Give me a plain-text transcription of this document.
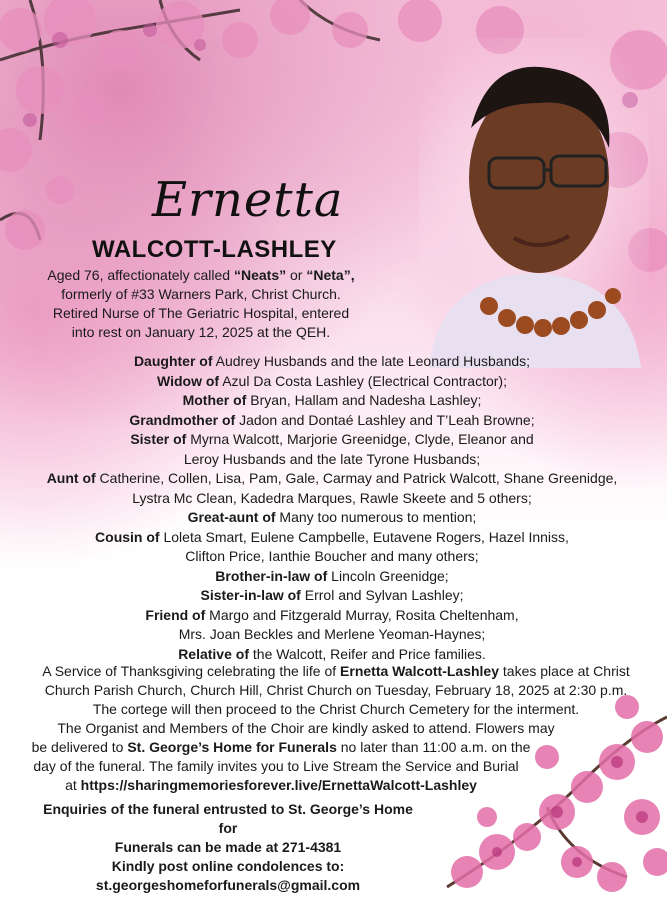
Ernetta
WALCOTT-LASHLEY

Aged 76, affectionately called “Neats” or “Neta”,

formerly of #33 Warners Park, Christ Church.

Retired Nurse of The Geriatric Hospital, entered

into rest on January 12, 2025 at the QEH.

Daughter of Audrey Husbands and the late Leonard Husbands;

Widow of Azul Da Costa Lashley (Electrical Contractor);

Mother of Bryan, Hallam and Nadesha Lashley;

Grandmother of Jadon and Dontaé Lashley and T’Leah Browne;

Sister of Myrna Walcott, Marjorie Greenidge, Clyde, Eleanor and

Leroy Husbands and the late Tyrone Husbands;

Aunt of Catherine, Collen, Lisa, Pam, Gale, Carmay and Patrick Walcott, Shane Greenidge,

Lystra Mc Clean, Kadedra Marques, Rawle Skeete and 5 others;

Great-aunt of Many too numerous to mention;

Cousin of Loleta Smart, Eulene Campbelle, Eutavene Rogers, Hazel Inniss,

Clifton Price, Ianthie Boucher and many others;

Brother-in-law of Lincoln Greenidge;

Sister-in-law of Errol and Sylvan Lashley;

Friend of Margo and Fitzgerald Murray, Rosita Cheltenham,

Mrs. Joan Beckles and Merlene Yeoman-Haynes;

Relative of the Walcott, Reifer and Price families.

A Service of Thanksgiving celebrating the life of Ernetta Walcott-Lashley takes place at Christ

Church Parish Church, Church Hill, Christ Church on Tuesday, February 18, 2025 at 2:30 p.m.

The cortege will then proceed to the Christ Church Cemetery for the interment.

The Organist and Members of the Choir are kindly asked to attend. Flowers may

be delivered to St. George’s Home for Funerals no later than 11:00 a.m. on the

day of the funeral. The family invites you to Live Stream the Service and Burial

at https://sharingmemoriesforever.live/ErnettaWalcott-Lashley

Enquiries of the funeral entrusted to St. George’s Home for

Funerals can be made at 271-4381

Kindly post online condolences to:

st.georgeshomeforfunerals@gmail.com
